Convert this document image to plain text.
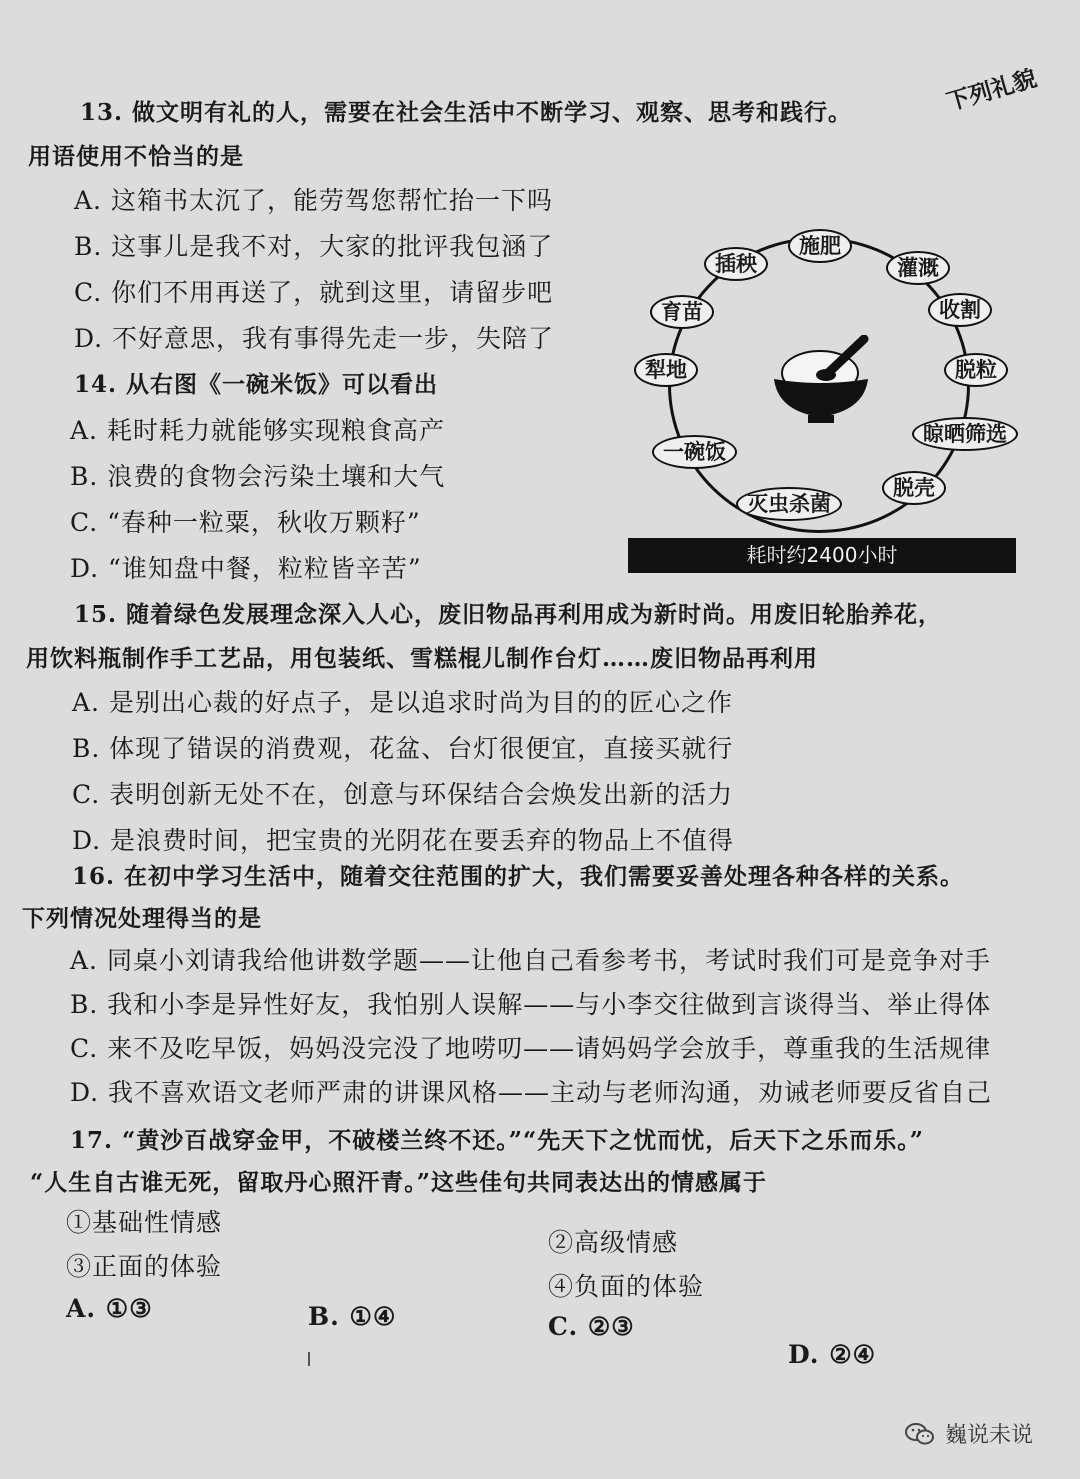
下列礼貌
13. 做文明有礼的人，需要在社会生活中不断学习、观察、思考和践行。
用语使用不恰当的是
A. 这箱书太沉了，能劳驾您帮忙抬一下吗
B. 这事儿是我不对，大家的批评我包涵了
C. 你们不用再送了，就到这里，请留步吧
D. 不好意思，我有事得先走一步，失陪了
14. 从右图《一碗米饭》可以看出
A. 耗时耗力就能够实现粮食高产
B. 浪费的食物会污染土壤和大气
C. “春种一粒粟，秋收万颗籽”
D. “谁知盘中餐，粒粒皆辛苦”
施肥
灌溉
收割
脱粒
晾晒筛选
脱壳
灭虫杀菌
一碗饭
犁地
育苗
插秧
耗时约2400小时
15. 随着绿色发展理念深入人心，废旧物品再利用成为新时尚。用废旧轮胎养花，
用饮料瓶制作手工艺品，用包装纸、雪糕棍儿制作台灯……废旧物品再利用
A. 是别出心裁的好点子，是以追求时尚为目的的匠心之作
B. 体现了错误的消费观，花盆、台灯很便宜，直接买就行
C. 表明创新无处不在，创意与环保结合会焕发出新的活力
D. 是浪费时间，把宝贵的光阴花在要丢弃的物品上不值得
16. 在初中学习生活中，随着交往范围的扩大，我们需要妥善处理各种各样的关系。
下列情况处理得当的是
A. 同桌小刘请我给他讲数学题——让他自己看参考书，考试时我们可是竞争对手
B. 我和小李是异性好友，我怕别人误解——与小李交往做到言谈得当、举止得体
C. 来不及吃早饭，妈妈没完没了地唠叨——请妈妈学会放手，尊重我的生活规律
D. 我不喜欢语文老师严肃的讲课风格——主动与老师沟通，劝诫老师要反省自己
17. “黄沙百战穿金甲，不破楼兰终不还。”“先天下之忧而忧，后天下之乐而乐。”
“人生自古谁无死，留取丹心照汗青。”这些佳句共同表达出的情感属于
①基础性情感
②高级情感
③正面的体验
④负面的体验
A. ①③	B. ①④	C. ②③
D. ②④
巍说未说
